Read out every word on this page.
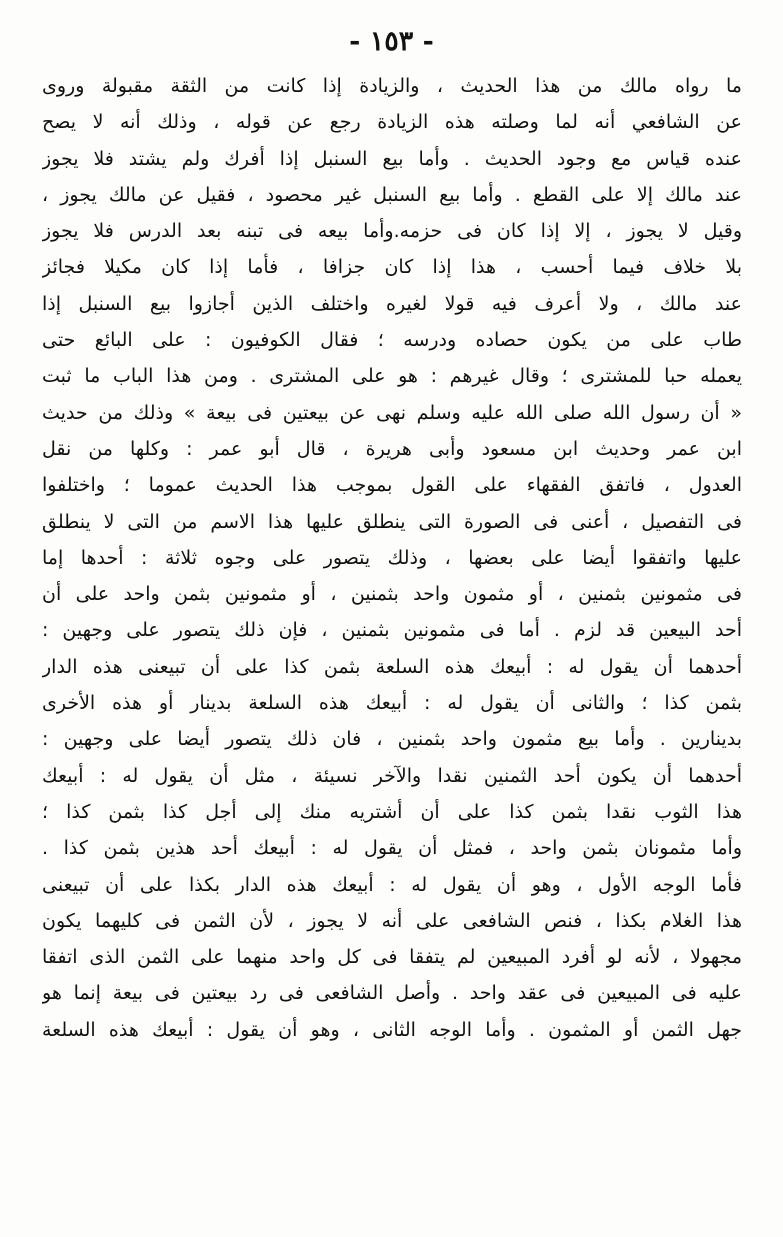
- ١٥٣ -
ما رواه مالك من هذا الحديث ، والزيادة إذا كانت من الثقة مقبولة وروى
عن الشافعي أنه لما وصلته هذه الزيادة رجع عن قوله ، وذلك أنه لا يصح
عنده قياس مع وجود الحديث . وأما بيع السنبل إذا أفرك ولم يشتد فلا يجوز
عند مالك إلا على القطع . وأما بيع السنبل غير محصود ، فقيل عن مالك يجوز ،
وقيل لا يجوز ، إلا إذا كان فى حزمه.وأما بيعه فى تبنه بعد الدرس فلا يجوز
بلا خلاف فيما أحسب ، هذا إذا كان جزافا ، فأما إذا كان مكيلا فجائز
عند مالك ، ولا أعرف فيه قولا لغيره واختلف الذين أجازوا بيع السنبل إذا
طاب على من يكون حصاده ودرسه ؛ فقال الكوفيون : على البائع حتى
يعمله حبا للمشترى ؛ وقال غيرهم : هو على المشترى . ومن هذا الباب ما ثبت
« أن رسول الله صلى الله عليه وسلم نهى عن بيعتين فى بيعة » وذلك من حديث
ابن عمر وحديث ابن مسعود وأبى هريرة ، قال أبو عمر : وكلها من نقل
العدول ، فاتفق الفقهاء على القول بموجب هذا الحديث عموما ؛ واختلفوا
فى التفصيل ، أعنى فى الصورة التى ينطلق عليها هذا الاسم من التى لا ينطلق
عليها واتفقوا أيضا على بعضها ، وذلك يتصور على وجوه ثلاثة : أحدها إما
فى مثمونين بثمنين ، أو مثمون واحد بثمنين ، أو مثمونين بثمن واحد على أن
أحد البيعين قد لزم . أما فى مثمونين بثمنين ، فإن ذلك يتصور على وجهين :
أحدهما أن يقول له : أبيعك هذه السلعة بثمن كذا على أن تبيعنى هذه الدار
بثمن كذا ؛ والثانى أن يقول له : أبيعك هذه السلعة بدينار أو هذه الأخرى
بدينارين . وأما بيع مثمون واحد بثمنين ، فان ذلك يتصور أيضا على وجهين :
أحدهما أن يكون أحد الثمنين نقدا والآخر نسيئة ، مثل أن يقول له : أبيعك
هذا الثوب نقدا بثمن كذا على أن أشتريه منك إلى أجل كذا بثمن كذا ؛
وأما مثمونان بثمن واحد ، فمثل أن يقول له : أبيعك أحد هذين بثمن كذا .
فأما الوجه الأول ، وهو أن يقول له : أبيعك هذه الدار بكذا على أن تبيعنى
هذا الغلام بكذا ، فنص الشافعى على أنه لا يجوز ، لأن الثمن فى كليهما يكون
مجهولا ، لأنه لو أفرد المبيعين لم يتفقا فى كل واحد منهما على الثمن الذى اتفقا
عليه فى المبيعين فى عقد واحد . وأصل الشافعى فى رد بيعتين فى بيعة إنما هو
جهل الثمن أو المثمون . وأما الوجه الثانى ، وهو أن يقول : أبيعك هذه السلعة
